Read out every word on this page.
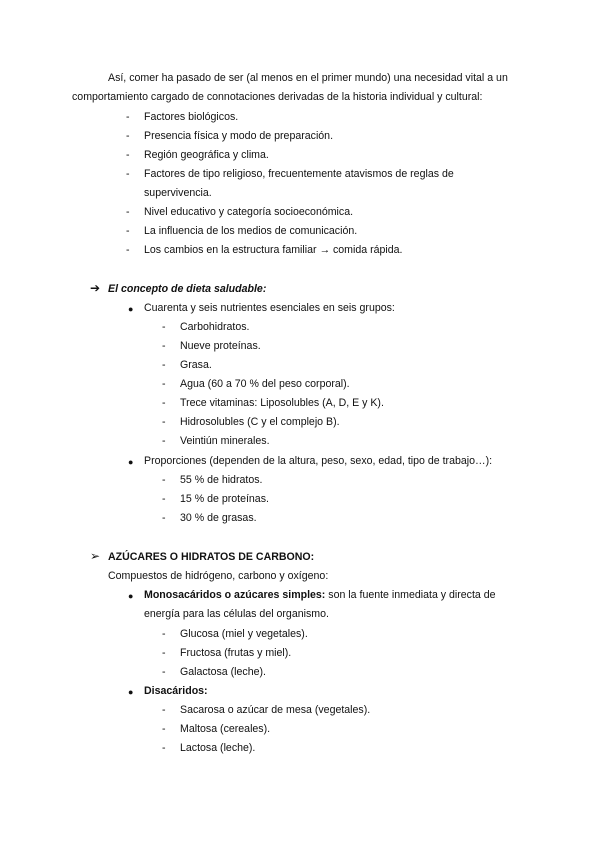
Así, comer ha pasado de ser (al menos en el primer mundo) una necesidad vital a un
comportamiento cargado de connotaciones derivadas de la historia individual y cultural:
- Factores biológicos.
- Presencia física y modo de preparación.
- Región geográfica y clima.
- Factores de tipo religioso, frecuentemente atavismos de reglas de
supervivencia.
- Nivel educativo y categoría socioeconómica.
- La influencia de los medios de comunicación.
- Los cambios en la estructura familiar → comida rápida.
➔ El concepto de dieta saludable:
● Cuarenta y seis nutrientes esenciales en seis grupos:
- Carbohidratos.
- Nueve proteínas.
- Grasa.
- Agua (60 a 70 % del peso corporal).
- Trece vitaminas: Liposolubles (A, D, E y K).
- Hidrosolubles (C y el complejo B).
- Veintiún minerales.
● Proporciones (dependen de la altura, peso, sexo, edad, tipo de trabajo…):
- 55 % de hidratos.
- 15 % de proteínas.
- 30 % de grasas.
➢ AZÚCARES O HIDRATOS DE CARBONO:
Compuestos de hidrógeno, carbono y oxígeno:
● Monosacáridos o azúcares simples: son la fuente inmediata y directa de
energía para las células del organismo.
- Glucosa (miel y vegetales).
- Fructosa (frutas y miel).
- Galactosa (leche).
● Disacáridos:
- Sacarosa o azúcar de mesa (vegetales).
- Maltosa (cereales).
- Lactosa (leche).
